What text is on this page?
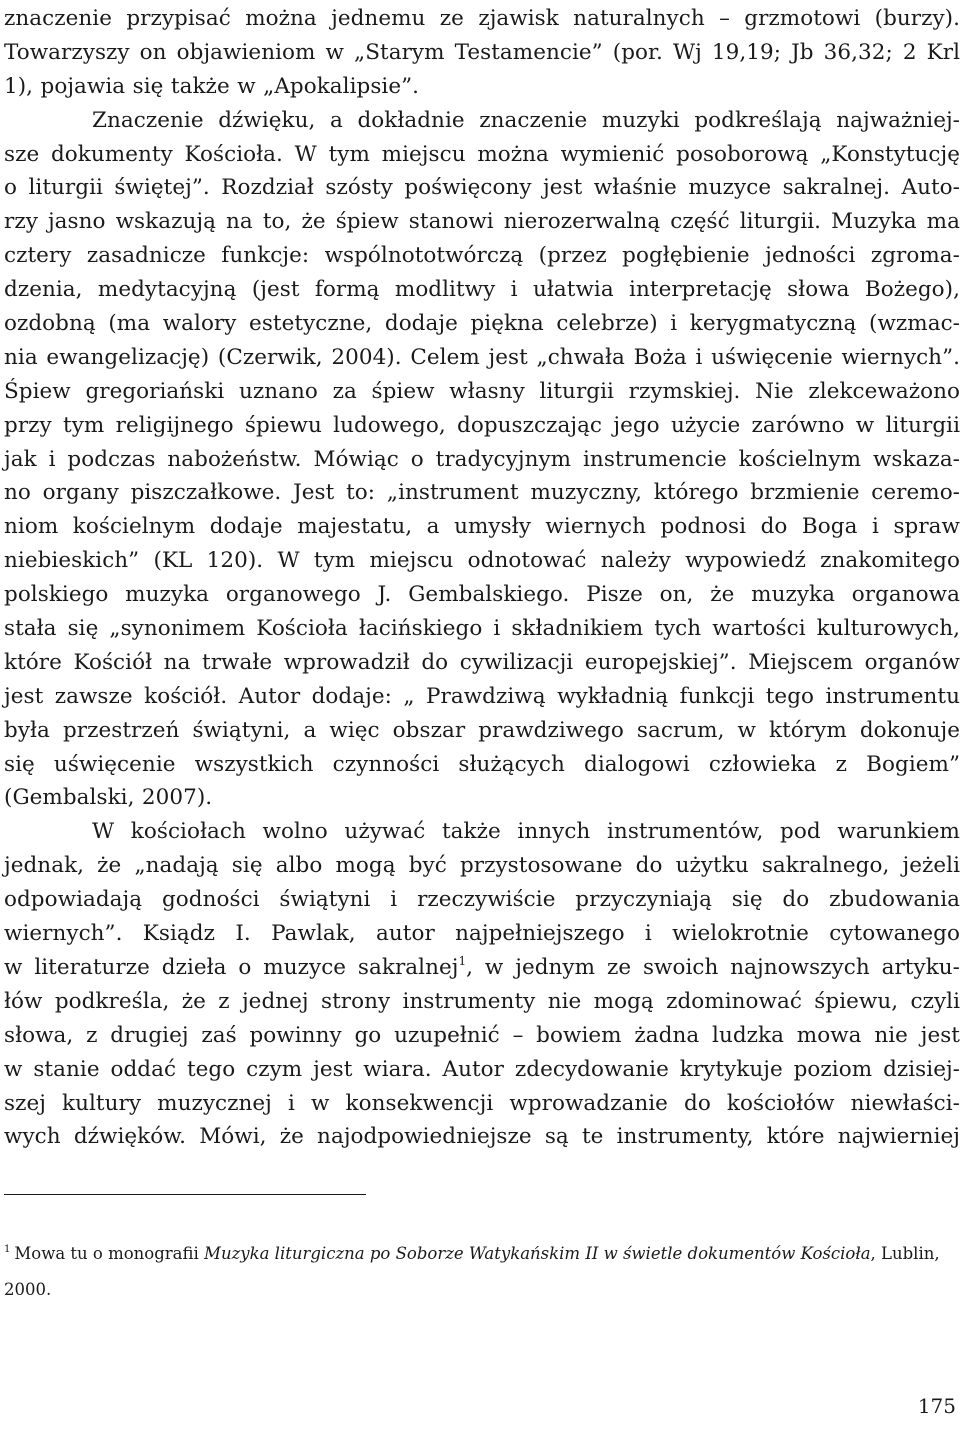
znaczenie przypisać można jednemu ze zjawisk naturalnych – grzmotowi (burzy).
Towarzyszy on objawieniom w „Starym Testamencie” (por. Wj 19,19; Jb 36,32; 2 Krl
1), pojawia się także w „Apokalipsie”.
Znaczenie dźwięku, a dokładnie znaczenie muzyki podkreślają najważniej-
sze dokumenty Kościoła. W tym miejscu można wymienić posoborową „Konstytucję
o liturgii świętej”. Rozdział szósty poświęcony jest właśnie muzyce sakralnej. Auto-
rzy jasno wskazują na to, że śpiew stanowi nierozerwalną część liturgii. Muzyka ma
cztery zasadnicze funkcje: wspólnototwórczą (przez pogłębienie jedności zgroma-
dzenia, medytacyjną (jest formą modlitwy i ułatwia interpretację słowa Bożego),
ozdobną (ma walory estetyczne, dodaje piękna celebrze) i kerygmatyczną (wzmac-
nia ewangelizację) (Czerwik, 2004). Celem jest „chwała Boża i uświęcenie wiernych”.
Śpiew gregoriański uznano za śpiew własny liturgii rzymskiej. Nie zlekceważono
przy tym religijnego śpiewu ludowego, dopuszczając jego użycie zarówno w liturgii
jak i podczas nabożeństw. Mówiąc o tradycyjnym instrumencie kościelnym wskaza-
no organy piszczałkowe. Jest to: „instrument muzyczny, którego brzmienie ceremo-
niom kościelnym dodaje majestatu, a umysły wiernych podnosi do Boga i spraw
niebieskich” (KL 120). W tym miejscu odnotować należy wypowiedź znakomitego
polskiego muzyka organowego J. Gembalskiego. Pisze on, że muzyka organowa
stała się „synonimem Kościoła łacińskiego i składnikiem tych wartości kulturowych,
które Kościół na trwałe wprowadził do cywilizacji europejskiej”. Miejscem organów
jest zawsze kościół. Autor dodaje: „ Prawdziwą wykładnią funkcji tego instrumentu
była przestrzeń świątyni, a więc obszar prawdziwego sacrum, w którym dokonuje
się uświęcenie wszystkich czynności służących dialogowi człowieka z Bogiem”
(Gembalski, 2007).
W kościołach wolno używać także innych instrumentów, pod warunkiem
jednak, że „nadają się albo mogą być przystosowane do użytku sakralnego, jeżeli
odpowiadają godności świątyni i rzeczywiście przyczyniają się do zbudowania
wiernych”. Ksiądz I. Pawlak, autor najpełniejszego i wielokrotnie cytowanego
w literaturze dzieła o muzyce sakralnej$^1$, w jednym ze swoich najnowszych artyku-
łów podkreśla, że z jednej strony instrumenty nie mogą zdominować śpiewu, czyli
słowa, z drugiej zaś powinny go uzupełnić – bowiem żadna ludzka mowa nie jest
w stanie oddać tego czym jest wiara. Autor zdecydowanie krytykuje poziom dzisiej-
szej kultury muzycznej i w konsekwencji wprowadzanie do kościołów niewłaści-
wych dźwięków. Mówi, że najodpowiedniejsze są te instrumenty, które najwierniej
$^1$ Mowa tu o monografii Muzyka liturgiczna po Soborze Watykańskim II w świetle dokumentów Kościoła, Lublin,
2000.
175
